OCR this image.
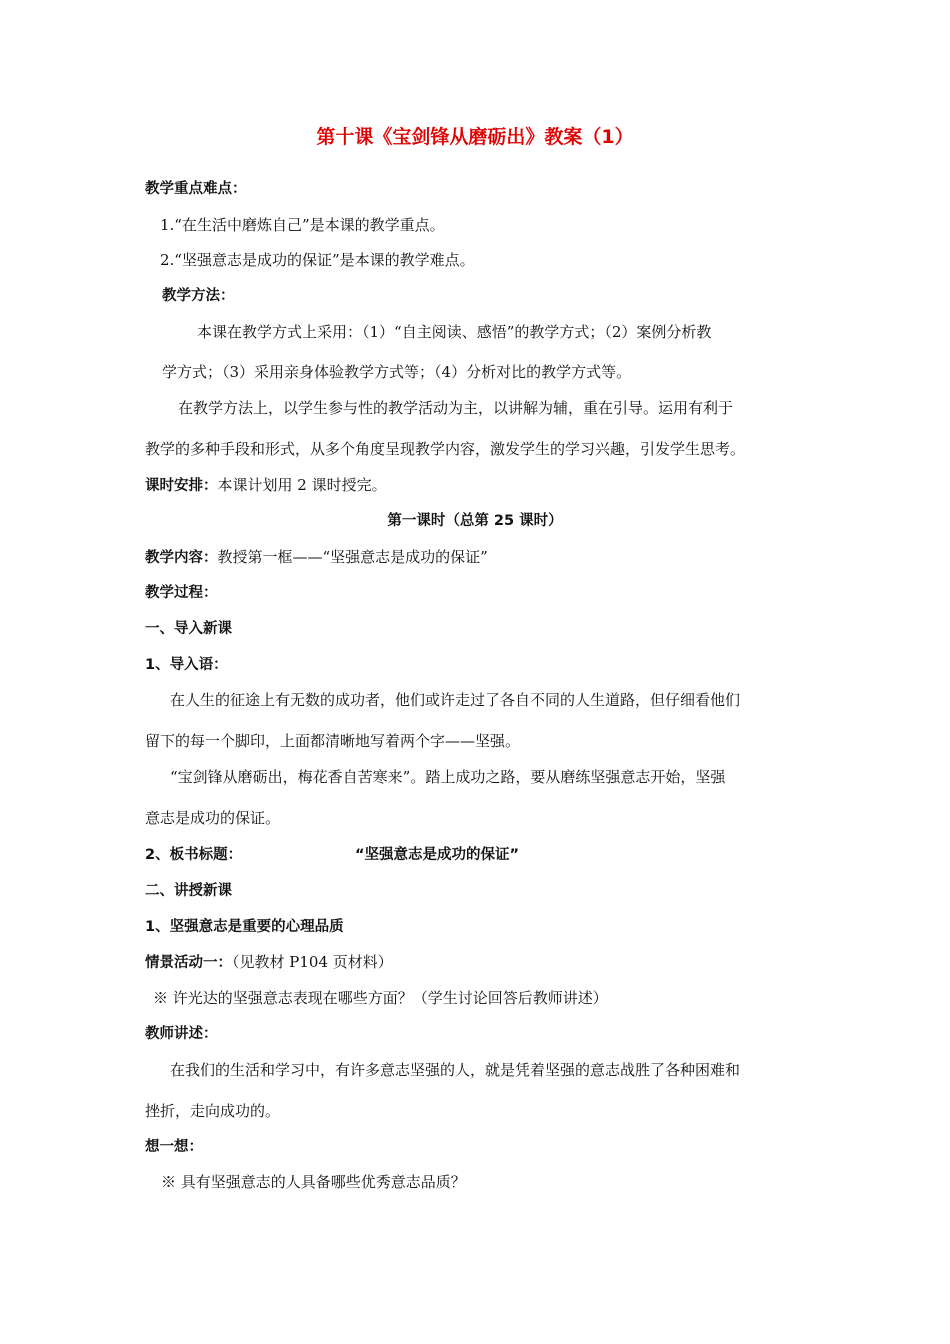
第十课《宝剑锋从磨砺出》教案（1）
教学重点难点：
1.“在生活中磨炼自己”是本课的教学重点。
2.“坚强意志是成功的保证”是本课的教学难点。
教学方法：
本课在教学方式上采用：（1）“自主阅读、感悟”的教学方式；（2）案例分析教
学方式；（3）采用亲身体验教学方式等；（4）分析对比的教学方式等。
在教学方法上，以学生参与性的教学活动为主，以讲解为辅，重在引导。运用有利于
教学的多种手段和形式，从多个角度呈现教学内容，激发学生的学习兴趣，引发学生思考。
课时安排：本课计划用 2 课时授完。
第一课时（总第 25 课时）
教学内容：教授第一框——“坚强意志是成功的保证”
教学过程：
一、导入新课
1、导入语：
在人生的征途上有无数的成功者，他们或许走过了各自不同的人生道路，但仔细看他们
留下的每一个脚印，上面都清晰地写着两个字——坚强。
“宝剑锋从磨砺出，梅花香自苦寒来”。踏上成功之路，要从磨练坚强意志开始，坚强
意志是成功的保证。
2、板书标题：	“坚强意志是成功的保证”
二、讲授新课
1、坚强意志是重要的心理品质
情景活动一：（见教材 P104 页材料）
※ 许光达的坚强意志表现在哪些方面？（学生讨论回答后教师讲述）
教师讲述：
在我们的生活和学习中，有许多意志坚强的人，就是凭着坚强的意志战胜了各种困难和
挫折，走向成功的。
想一想：
※ 具有坚强意志的人具备哪些优秀意志品质？
